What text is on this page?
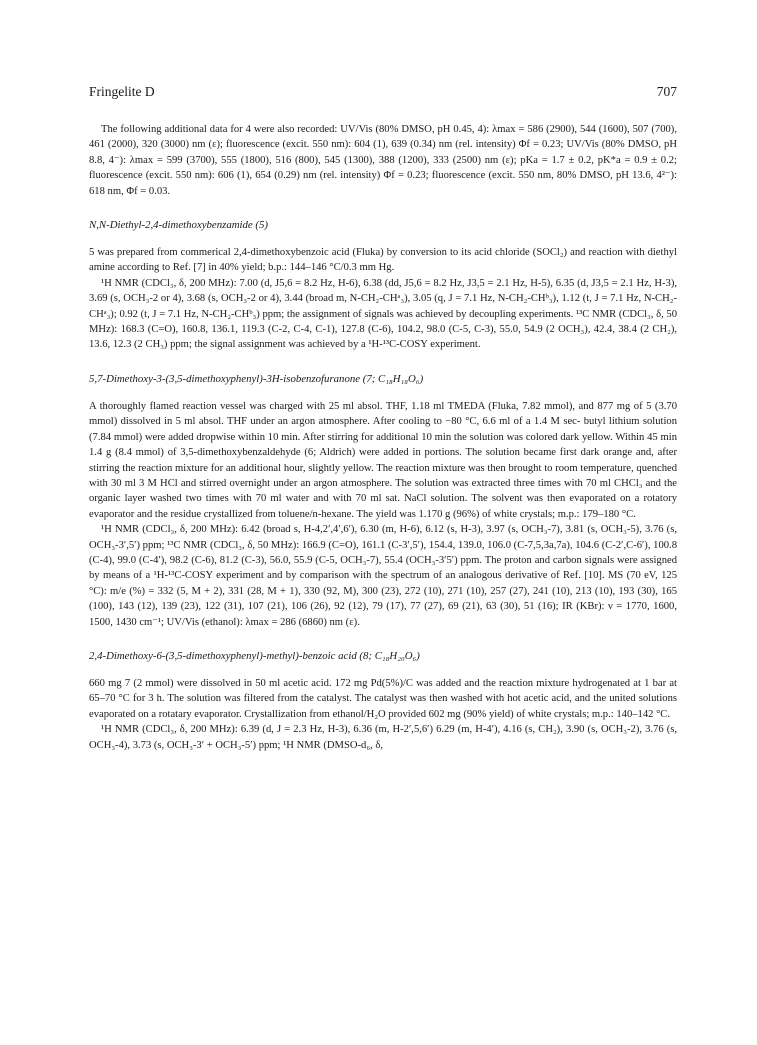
Fringelite D	707

The following additional data for 4 were also recorded: UV/Vis (80% DMSO, pH 0.45, 4): λmax = 586 (2900), 544 (1600), 507 (700), 461 (2000), 320 (3000) nm (ε); fluorescence (excit. 550 nm): 604 (1), 639 (0.34) nm (rel. intensity) Φf = 0.23; UV/Vis (80% DMSO, pH 8.8, 4⁻): λmax = 599 (3700), 555 (1800), 516 (800), 545 (1300), 388 (1200), 333 (2500) nm (ε); pKa = 1.7 ± 0.2, pK*a = 0.9 ± 0.2; fluorescence (excit. 550 nm): 606 (1), 654 (0.29) nm (rel. intensity) Φf = 0.23; fluorescence (excit. 550 nm, 80% DMSO, pH 13.6, 4²⁻): 618 nm, Φf = 0.03.

N,N-Diethyl-2,4-dimethoxybenzamide (5)

5 was prepared from commerical 2,4-dimethoxybenzoic acid (Fluka) by conversion to its acid chloride (SOCl₂) and reaction with diethyl amine according to Ref. [7] in 40% yield; b.p.: 144–146 °C/0.3 mm Hg.

¹H NMR (CDCl₃, δ, 200 MHz): 7.00 (d, J5,6 = 8.2 Hz, H-6), 6.38 (dd, J5,6 = 8.2 Hz, J3,5 = 2.1 Hz, H-5), 6.35 (d, J3,5 = 2.1 Hz, H-3), 3.69 (s, OCH₃-2 or 4), 3.68 (s, OCH₃-2 or 4), 3.44 (broad m, N-CH₂-CHᵃ₃), 3.05 (q, J = 7.1 Hz, N-CH₂-CHᵇ₃), 1.12 (t, J = 7.1 Hz, N-CH₂-CHᵃ₃); 0.92 (t, J = 7.1 Hz, N-CH₂-CHᵇ₃) ppm; the assignment of signals was achieved by decoupling experiments. ¹³C NMR (CDCl₃, δ, 50 MHz): 168.3 (C=O), 160.8, 136.1, 119.3 (C-2, C-4, C-1), 127.8 (C-6), 104.2, 98.0 (C-5, C-3), 55.0, 54.9 (2 OCH₃), 42.4, 38.4 (2 CH₂), 13.6, 12.3 (2 CH₃) ppm; the signal assignment was achieved by a ¹H-¹³C-COSY experiment.

5,7-Dimethoxy-3-(3,5-dimethoxyphenyl)-3H-isobenzofuranone (7; C₁₈H₁₈O₆)

A thoroughly flamed reaction vessel was charged with 25 ml absol. THF, 1.18 ml TMEDA (Fluka, 7.82 mmol), and 877 mg of 5 (3.70 mmol) dissolved in 5 ml absol. THF under an argon atmosphere. After cooling to −80 °C, 6.6 ml of a 1.4 M sec- butyl lithium solution (7.84 mmol) were added dropwise within 10 min. After stirring for additional 10 min the solution was colored dark yellow. Within 45 min 1.4 g (8.4 mmol) of 3,5-dimethoxybenzaldehyde (6; Aldrich) were added in portions. The solution became first dark orange and, after stirring the reaction mixture for an additional hour, slightly yellow. The reaction mixture was then brought to room temperature, quenched with 30 ml 3 M HCl and stirred overnight under an argon atmosphere. The solution was extracted three times with 70 ml CHCl₃ and the organic layer washed two times with 70 ml water and with 70 ml sat. NaCl solution. The solvent was then evaporated on a rotatory evaporator and the residue crystallized from toluene/n-hexane. The yield was 1.170 g (96%) of white crystals; m.p.: 179–180 °C.

¹H NMR (CDCl₃, δ, 200 MHz): 6.42 (broad s, H-4,2′,4′,6′), 6.30 (m, H-6), 6.12 (s, H-3), 3.97 (s, OCH₃-7), 3.81 (s, OCH₃-5), 3.76 (s, OCH₃-3′,5′) ppm; ¹³C NMR (CDCl₃, δ, 50 MHz): 166.9 (C=O), 161.1 (C-3′,5′), 154.4, 139.0, 106.0 (C-7,5,3a,7a), 104.6 (C-2′,C-6′), 100.8 (C-4), 99.0 (C-4′), 98.2 (C-6), 81.2 (C-3), 56.0, 55.9 (C-5, OCH₃-7), 55.4 (OCH₃-3′5′) ppm. The proton and carbon signals were assigned by means of a ¹H-¹³C-COSY experiment and by comparison with the spectrum of an analogous derivative of Ref. [10]. MS (70 eV, 125 °C): m/e (%) = 332 (5, M + 2), 331 (28, M + 1), 330 (92, M), 300 (23), 272 (10), 271 (10), 257 (27), 241 (10), 213 (10), 193 (30), 165 (100), 143 (12), 139 (23), 122 (31), 107 (21), 106 (26), 92 (12), 79 (17), 77 (27), 69 (21), 63 (30), 51 (16); IR (KBr): ν = 1770, 1600, 1500, 1430 cm⁻¹; UV/Vis (ethanol): λmax = 286 (6860) nm (ε).

2,4-Dimethoxy-6-(3,5-dimethoxyphenyl)-methyl)-benzoic acid (8; C₁₈H₂₀O₆)

660 mg 7 (2 mmol) were dissolved in 50 ml acetic acid. 172 mg Pd(5%)/C was added and the reaction mixture hydrogenated at 1 bar at 65–70 °C for 3 h. The solution was filtered from the catalyst. The catalyst was then washed with hot acetic acid, and the united solutions evaporated on a rotatary evaporator. Crystallization from ethanol/H₂O provided 602 mg (90% yield) of white crystals; m.p.: 140–142 °C.

¹H NMR (CDCl₃, δ, 200 MHz): 6.39 (d, J = 2.3 Hz, H-3), 6.36 (m, H-2′,5,6′) 6.29 (m, H-4′), 4.16 (s, CH₂), 3.90 (s, OCH₃-2), 3.76 (s, OCH₃-4), 3.73 (s, OCH₃-3′ + OCH₃-5′) ppm; ¹H NMR (DMSO-d₆, δ,
